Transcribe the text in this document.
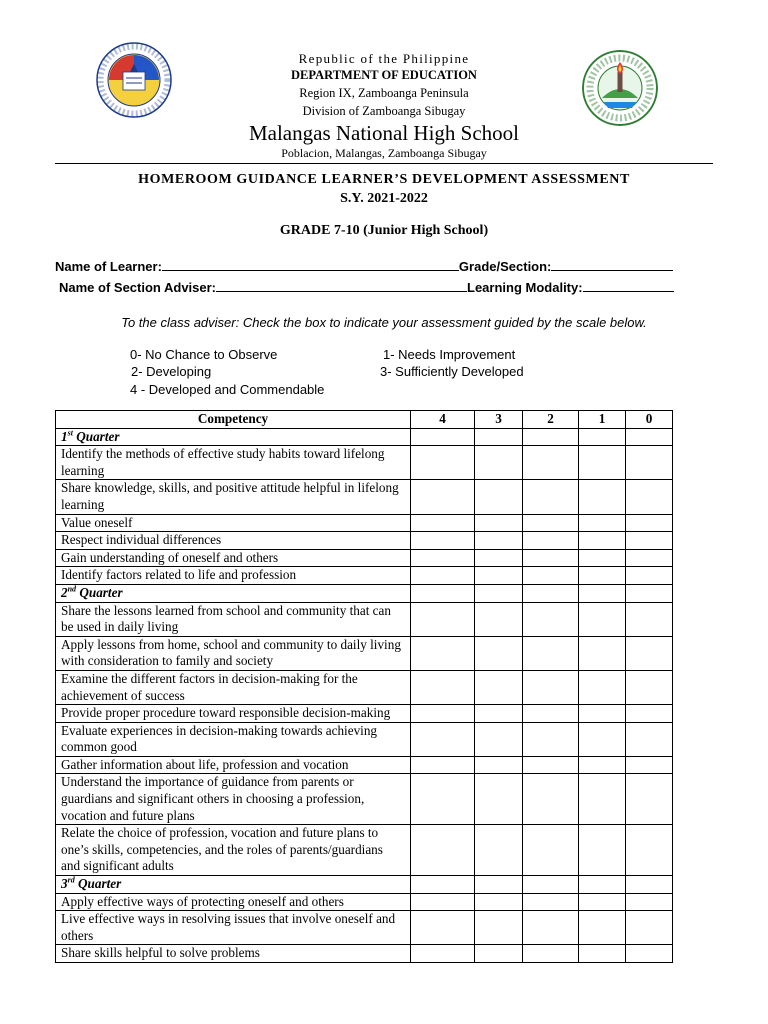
Republic of the Philippine
DEPARTMENT OF EDUCATION
Region IX, Zamboanga Peninsula
Division of Zamboanga Sibugay
Malangas National High School
Poblacion, Malangas, Zamboanga Sibugay
HOMEROOM GUIDANCE LEARNER’S DEVELOPMENT ASSESSMENT
S.Y. 2021-2022
GRADE 7-10 (Junior High School)
Name of Learner:	Grade/Section:
Name of Section Adviser:	Learning Modality:
To the class adviser: Check the box to indicate your assessment guided by the scale below.
0- No Chance to Observe	1- Needs Improvement
2- Developing	3- Sufficiently Developed
4 - Developed and Commendable
Competency	4	3	2	1	0
1st Quarter					
Identify the methods of effective study habits toward lifelong learning					
Share knowledge, skills, and positive attitude helpful in lifelong learning					
Value oneself					
Respect individual differences					
Gain understanding of oneself and others					
Identify factors related to life and profession					
2nd Quarter					
Share the lessons learned from school and community that can be used in daily living					
Apply lessons from home, school and community to daily living with consideration to family and society					
Examine the different factors in decision-making for the achievement of success					
Provide proper procedure toward responsible decision-making					
Evaluate experiences in decision-making towards achieving common good					
Gather information about life, profession and vocation					
Understand the importance of guidance from parents or guardians and significant others in choosing a profession, vocation and future plans					
Relate the choice of profession, vocation and future plans to one’s skills, competencies, and the roles of parents/guardians and significant adults					
3rd Quarter					
Apply effective ways of protecting oneself and others					
Live effective ways in resolving issues that involve oneself and others					
Share skills helpful to solve problems					
